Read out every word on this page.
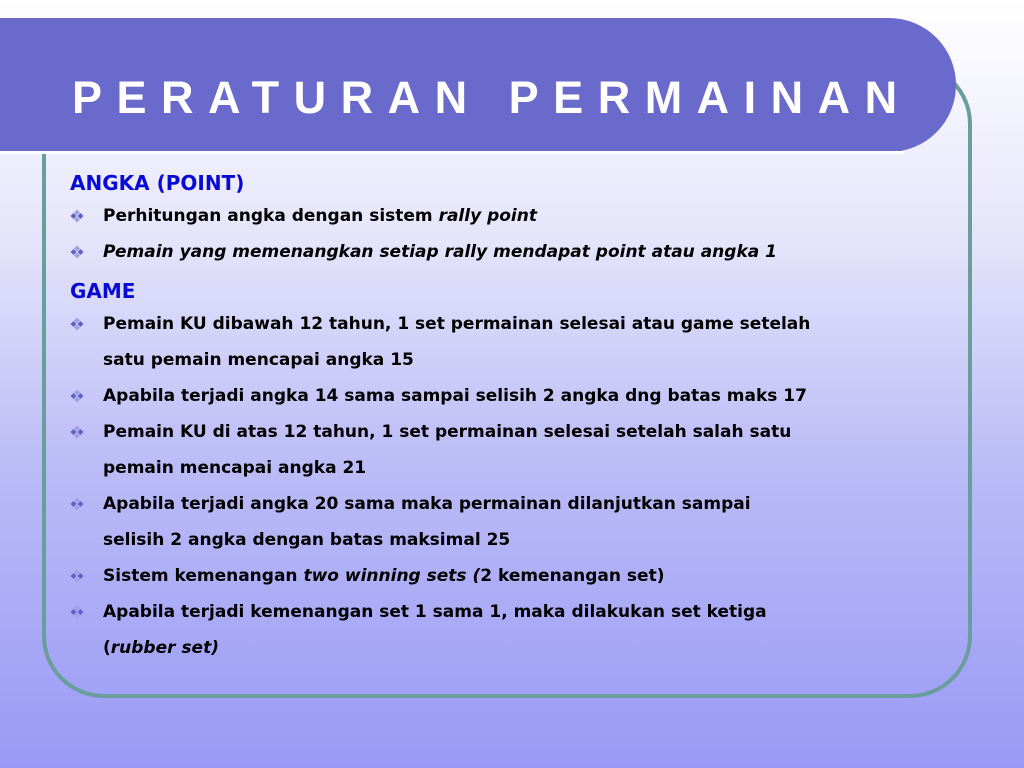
PERATURAN PERMAINAN
ANGKA (POINT)
Perhitungan angka dengan sistem rally point
Pemain yang memenangkan setiap rally mendapat point atau angka 1
GAME
Pemain KU dibawah 12 tahun, 1 set permainan selesai atau game setelah
satu pemain mencapai angka 15
Apabila terjadi angka 14 sama sampai selisih 2 angka dng batas maks 17
Pemain KU di atas 12 tahun, 1 set permainan selesai setelah salah satu
pemain mencapai angka 21
Apabila terjadi angka 20 sama maka permainan dilanjutkan sampai
selisih 2 angka dengan batas maksimal 25
Sistem kemenangan two winning sets (2 kemenangan set)
Apabila terjadi kemenangan set 1 sama 1, maka dilakukan set ketiga
(rubber set)
